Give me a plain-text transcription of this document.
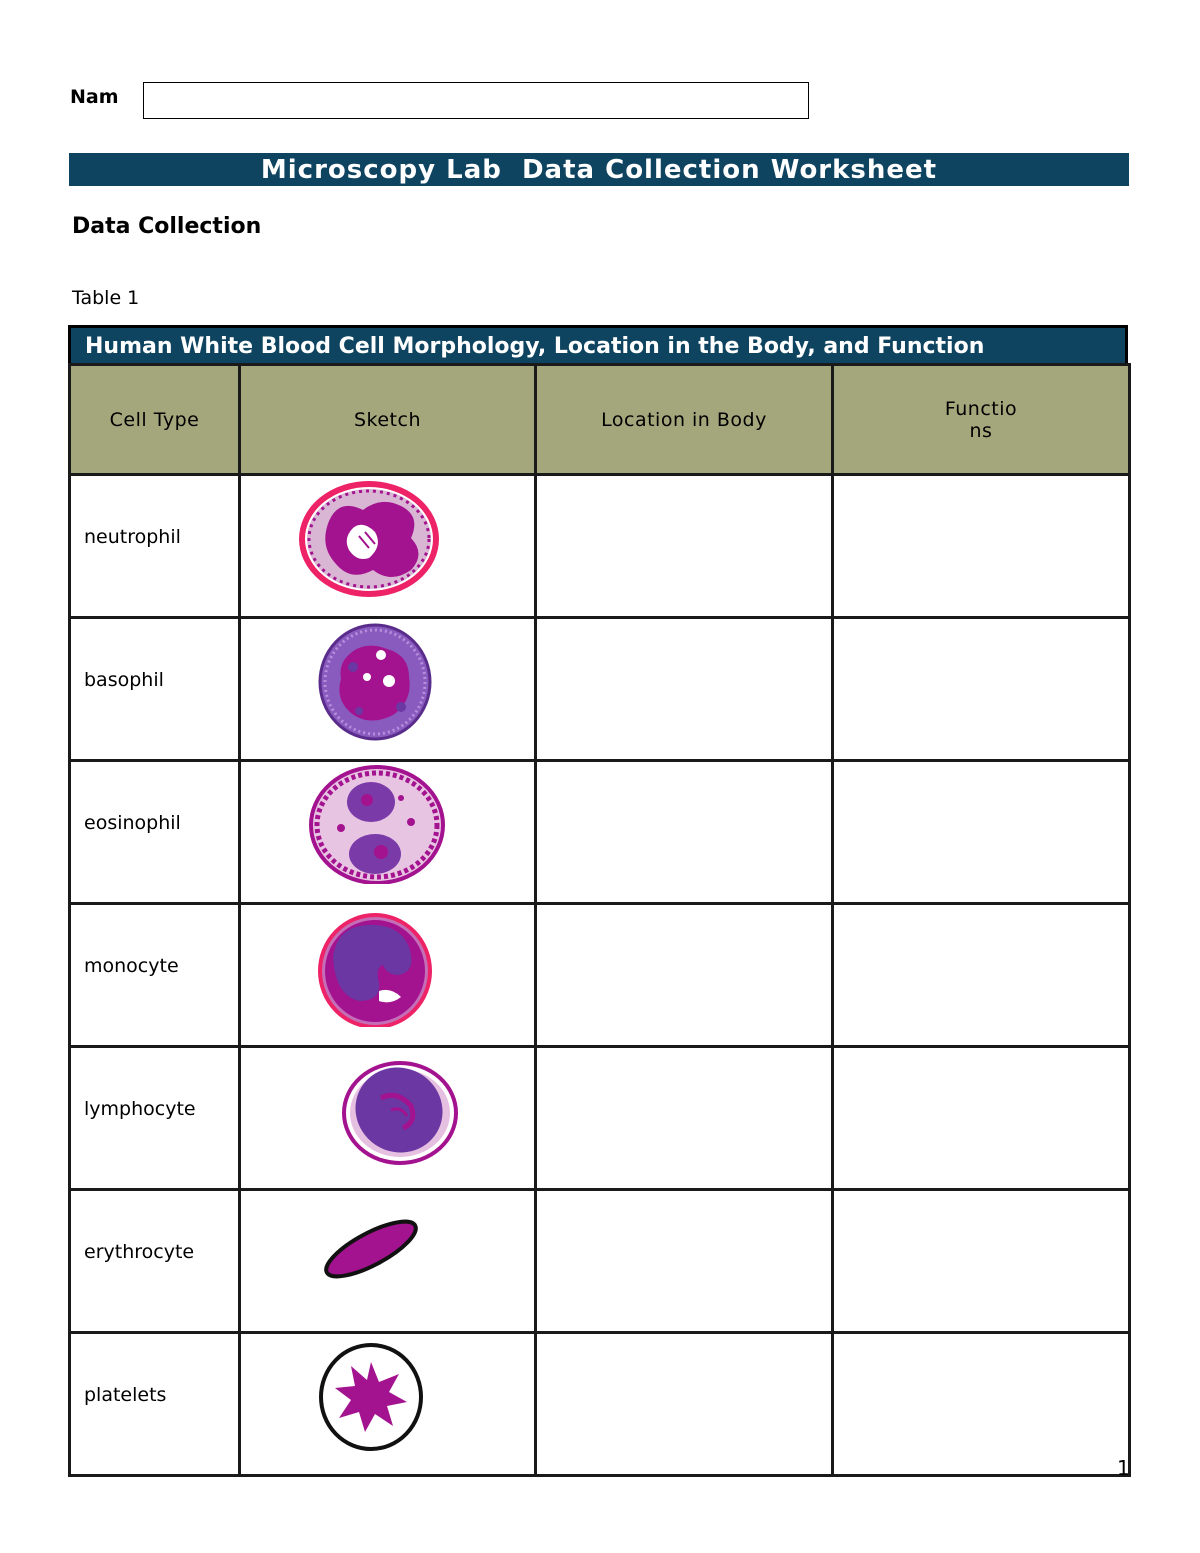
Nam
Microscopy Lab  Data Collection Worksheet
Data Collection
Table 1
Human White Blood Cell Morphology, Location in the Body, and Function
Cell Type	Sketch	Location in Body	Functio
ns
neutrophil	

basophil	

eosinophil	

monocyte	

lymphocyte	

erythrocyte	

platelets	

1
